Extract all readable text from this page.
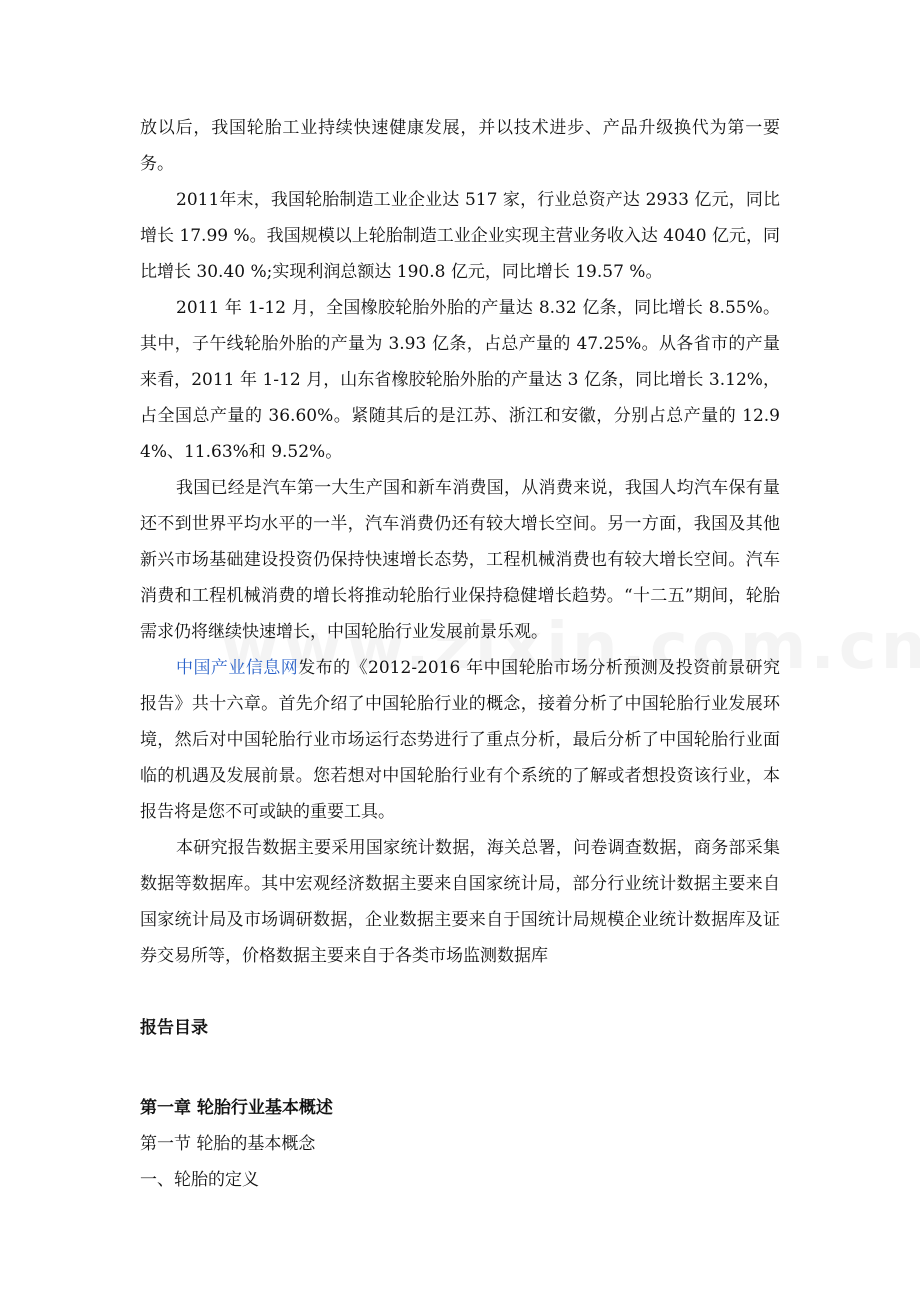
放以后，我国轮胎工业持续快速健康发展，并以技术进步、产品升级换代为第一要务。

2011年末，我国轮胎制造工业企业达 517 家，行业总资产达 2933 亿元，同比增长 17.99 %。我国规模以上轮胎制造工业企业实现主营业务收入达 4040 亿元，同比增长 30.40 %;实现利润总额达 190.8 亿元，同比增长 19.57 %。

2011 年 1-12 月，全国橡胶轮胎外胎的产量达 8.32 亿条，同比增长 8.55%。其中，子午线轮胎外胎的产量为 3.93 亿条，占总产量的 47.25%。从各省市的产量来看，2011 年 1-12 月，山东省橡胶轮胎外胎的产量达 3 亿条，同比增长 3.12%，占全国总产量的 36.60%。紧随其后的是江苏、浙江和安徽，分别占总产量的 12.94%、11.63%和 9.52%。

我国已经是汽车第一大生产国和新车消费国，从消费来说，我国人均汽车保有量还不到世界平均水平的一半，汽车消费仍还有较大增长空间。另一方面，我国及其他新兴市场基础建设投资仍保持快速增长态势，工程机械消费也有较大增长空间。汽车消费和工程机械消费的增长将推动轮胎行业保持稳健增长趋势。“十二五”期间，轮胎需求仍将继续快速增长，中国轮胎行业发展前景乐观。

中国产业信息网发布的《2012-2016 年中国轮胎市场分析预测及投资前景研究报告》共十六章。首先介绍了中国轮胎行业的概念，接着分析了中国轮胎行业发展环境，然后对中国轮胎行业市场运行态势进行了重点分析，最后分析了中国轮胎行业面临的机遇及发展前景。您若想对中国轮胎行业有个系统的了解或者想投资该行业，本报告将是您不可或缺的重要工具。

本研究报告数据主要采用国家统计数据，海关总署，问卷调查数据，商务部采集数据等数据库。其中宏观经济数据主要来自国家统计局，部分行业统计数据主要来自国家统计局及市场调研数据，企业数据主要来自于国统计局规模企业统计数据库及证券交易所等，价格数据主要来自于各类市场监测数据库

报告目录

第一章 轮胎行业基本概述

第一节 轮胎的基本概念

一、轮胎的定义
